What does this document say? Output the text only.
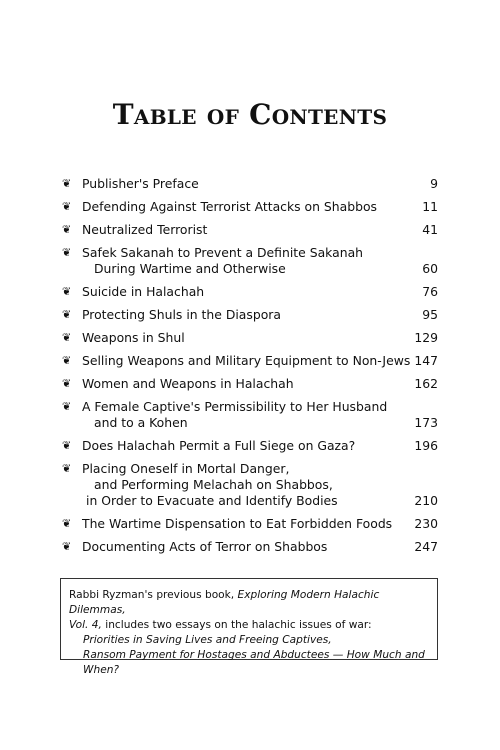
Table of Contents
❦ Publisher's Preface	9
❦ Defending Against Terrorist Attacks on Shabbos	11
❦ Neutralized Terrorist	41
❦ Safek Sakanah to Prevent a Definite Sakanah
During Wartime and Otherwise	60
❦ Suicide in Halachah	76
❦ Protecting Shuls in the Diaspora	95
❦ Weapons in Shul	129
❦ Selling Weapons and Military Equipment to Non-Jews 147
❦ Women and Weapons in Halachah	162
❦ A Female Captive's Permissibility to Her Husband
and to a Kohen	173
❦ Does Halachah Permit a Full Siege on Gaza?	196
❦ Placing Oneself in Mortal Danger,
and Performing Melachah on Shabbos,
in Order to Evacuate and Identify Bodies	210
❦ The Wartime Dispensation to Eat Forbidden Foods	230
❦ Documenting Acts of Terror on Shabbos	247
Rabbi Ryzman's previous book, Exploring Modern Halachic Dilemmas,
Vol. 4, includes two essays on the halachic issues of war:
Priorities in Saving Lives and Freeing Captives,
Ransom Payment for Hostages and Abductees — How Much and When?
